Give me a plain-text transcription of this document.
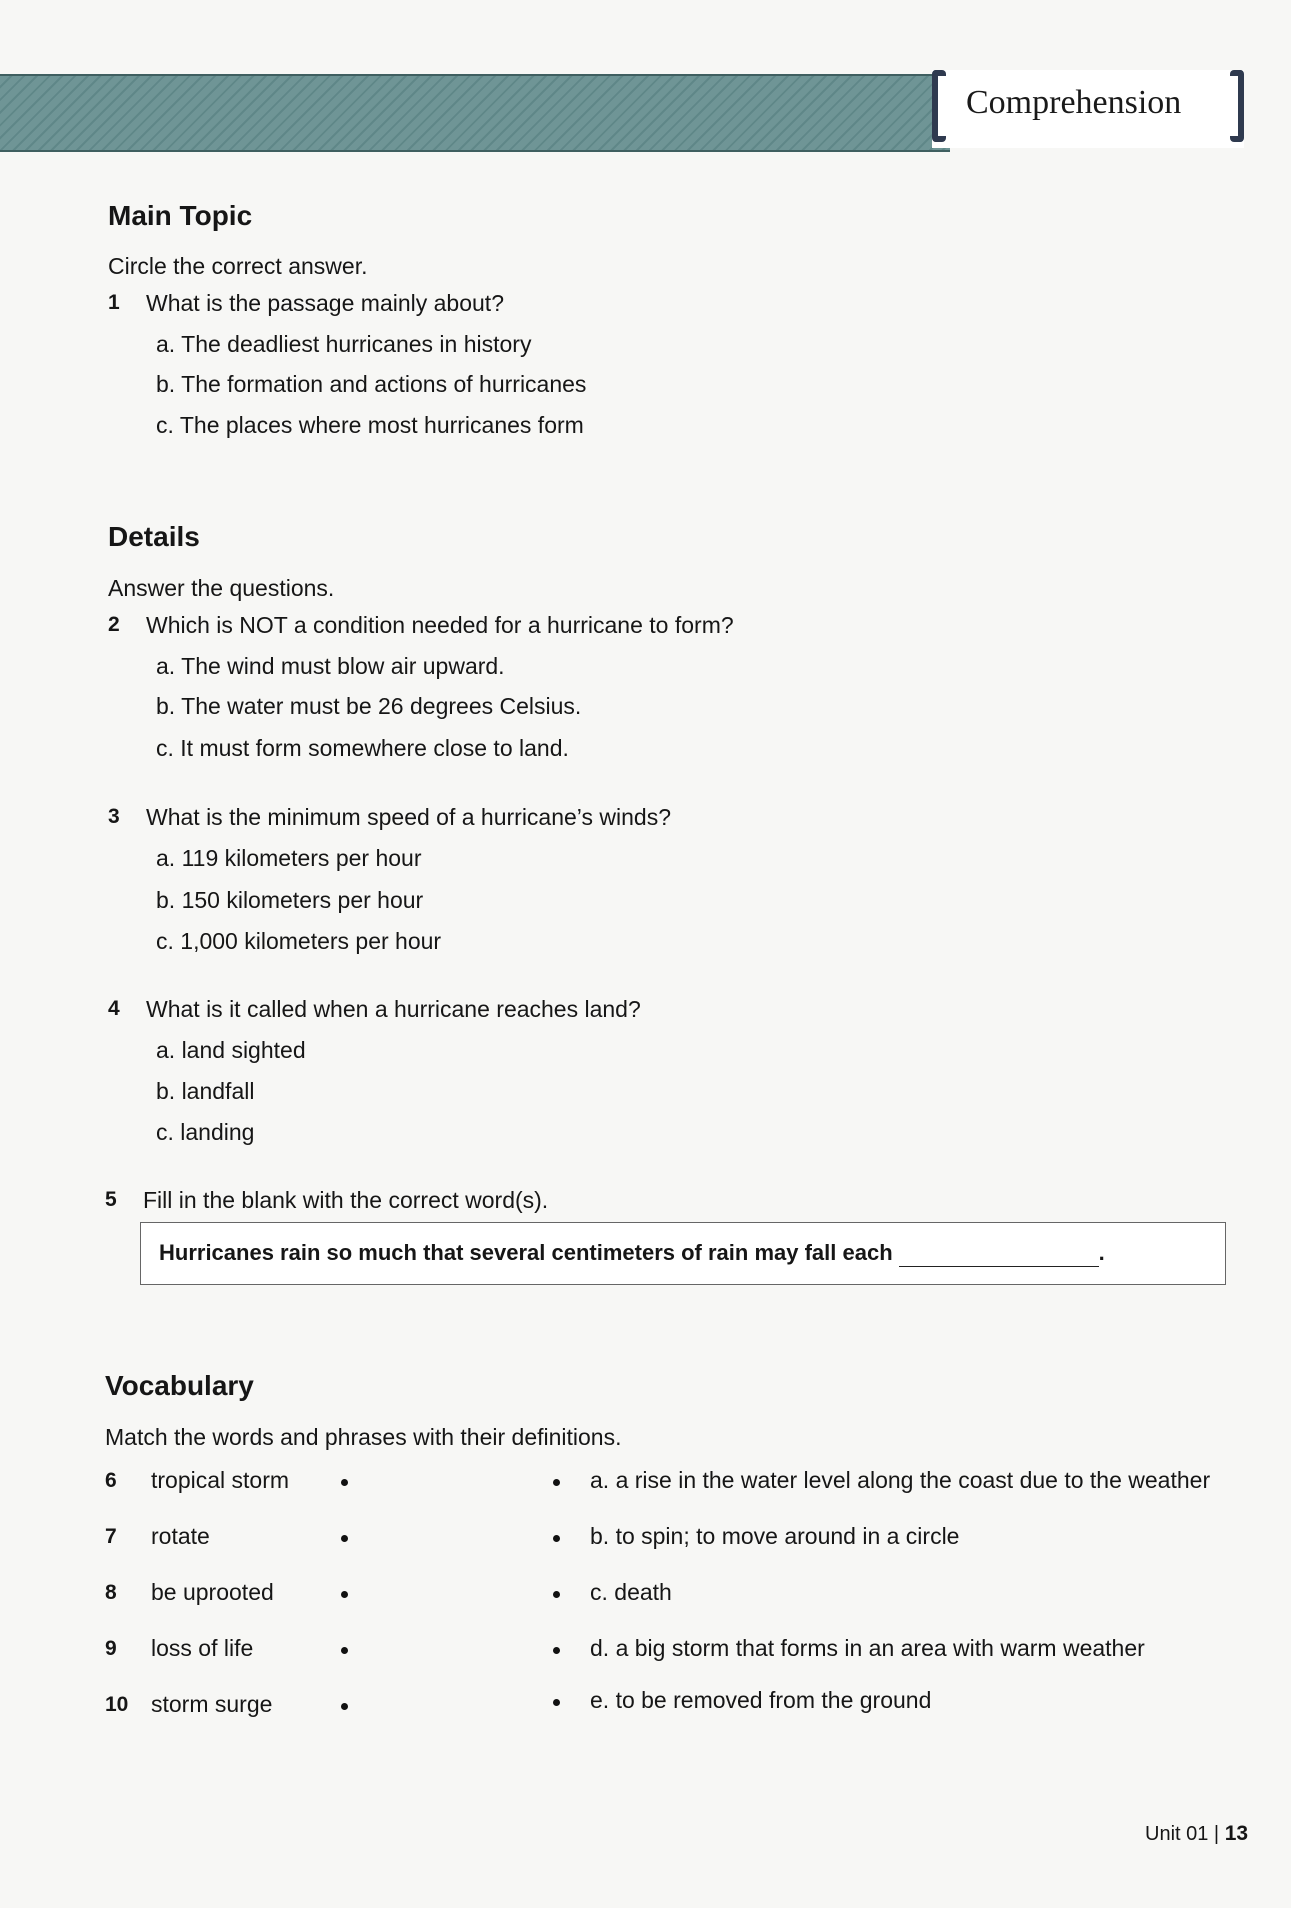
Comprehension
Main Topic
Circle the correct answer.
1 What is the passage mainly about?
a. The deadliest hurricanes in history
b. The formation and actions of hurricanes
c. The places where most hurricanes form
Details
Answer the questions.
2 Which is NOT a condition needed for a hurricane to form?
a. The wind must blow air upward.
b. The water must be 26 degrees Celsius.
c. It must form somewhere close to land.
3 What is the minimum speed of a hurricane’s winds?
a. 119 kilometers per hour
b. 150 kilometers per hour
c. 1,000 kilometers per hour
4 What is it called when a hurricane reaches land?
a. land sighted
b. landfall
c. landing
5 Fill in the blank with the correct word(s).
Hurricanes rain so much that several centimeters of rain may fall each	.
Vocabulary
Match the words and phrases with their definitions.
6 tropical storm	a. a rise in the water level along the coast due to the weather
7 rotate	b. to spin; to move around in a circle
8 be uprooted	c. death
9 loss of life	d. a big storm that forms in an area with warm weather
10 storm surge	e. to be removed from the ground
Unit 01 | 13
